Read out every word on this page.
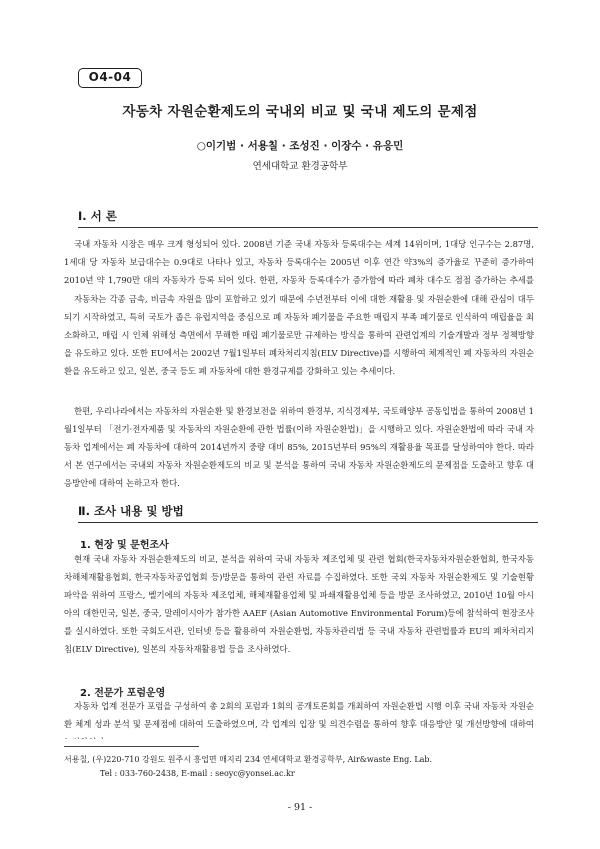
O4-04
자동차 자원순환제도의 국내외 비교 및 국내 제도의 문제점
○이기범 · 서용칠 · 조성진 · 이장수 · 유응민
연세대학교 환경공학부
Ⅰ. 서 론

국내 자동차 시장은 매우 크게 형성되어 있다. 2008년 기준 국내 자동차 등록대수는 세계 14위이며, 1대당 인구수는 2.87명, 1세대 당 자동차 보급대수는 0.9대로 나타나 있고, 자동차 등록대수는 2005년 이후 연간 약3%의 증가율로 꾸준히 증가하여 2010년 약 1,790만 대의 자동차가 등록 되어 있다. 한편, 자동차 등록대수가 증가함에 따라 폐차 대수도 점점 증가하는 추세를

자동차는 각종 금속, 비금속 자원을 많이 포함하고 있기 때문에 수년전부터 이에 대한 재활용 및 자원순환에 대해 관심이 대두되기 시작하였고, 특히 국토가 좁은 유럽지역을 중심으로 폐 자동차 폐기물을 주요한 매립지 부족 폐기물로 인식하여 매립율을 최소화하고, 매립 시 인체 위해성 측면에서 무해한 매립 폐기물로만 규제하는 방식을 통하여 관련업계의 기술개발과 정부 정책방향을 유도하고 있다. 또한 EU에서는 2002년 7월1일부터 폐차처리지침(ELV Directive)를 시행하여 체계적인 폐 자동차의 자원순환을 유도하고 있고, 일본, 중국 등도 폐 자동차에 대한 환경규제를 강화하고 있는 추세이다.

한편, 우리나라에서는 자동차의 자원순환 및 환경보전을 위하여 환경부, 지식경제부, 국토해양부 공동입법을 통하여 2008년 1월1일부터 「전기·전자제품 및 자동차의 자원순환에 관한 법률(이하 자원순환법)」을 시행하고 있다. 자원순환법에 따라 국내 자동차 업계에서는 폐 자동차에 대하여 2014년까지 중량 대비 85%, 2015년부터 95%의 재활용율 목표를 달성하여야 한다. 따라서 본 연구에서는 국내외 자동차 자원순환제도의 비교 및 분석을 통하여 국내 자동차 자원순환제도의 문제점을 도출하고 향후 대응방안에 대하여 논하고자 한다.

Ⅱ. 조사 내용 및 방법
1. 현장 및 문헌조사

현재 국내 자동차 자원순환제도의 비교, 분석을 위하여 국내 자동차 제조업체 및 관련 협회(한국자동차자원순환협회, 한국자동차해체재활용협회, 한국자동차공업협회 등)방문을 통하여 관련 자료를 수집하였다. 또한 국외 자동차 자원순환제도 및 기술현황 파악을 위하여 프랑스, 벨기에의 자동차 제조업체, 해체재활용업체 및 파쇄재활용업체 등을 방문 조사하였고, 2010년 10월 아시아의 대한민국, 일본, 중국, 말레이시아가 참가한 AAEF (Asian Automotive Environmental Forum)등에 참석하여 현장조사를 실시하였다. 또한 국회도서관, 인터넷 등을 활용하여 자원순환법, 자동차관리법 등 국내 자동차 관련법률과 EU의 폐차처리지침(ELV Directive), 일본의 자동차재활용법 등을 조사하였다.

2. 전문가 포럼운영

자동차 업계 전문가 포럼을 구성하여 총 2회의 포럼과 1회의 공개토론회를 개최하여 자원순환법 시행 이후 국내 자동차 자원순환 체계 성과 분석 및 문제점에 대하여 도출하였으며, 각 업계의 입장 및 의견수렴을 통하여 향후 대응방안 및 개선방향에 대하여

서용칠, (우)220-710 강원도 원주시 흥업면 매지리 234 연세대학교 환경공학부, Air&waste Eng. Lab.
Tel : 033-760-2438, E-mail : seoyc@yonsei.ac.kr
- 91 -
